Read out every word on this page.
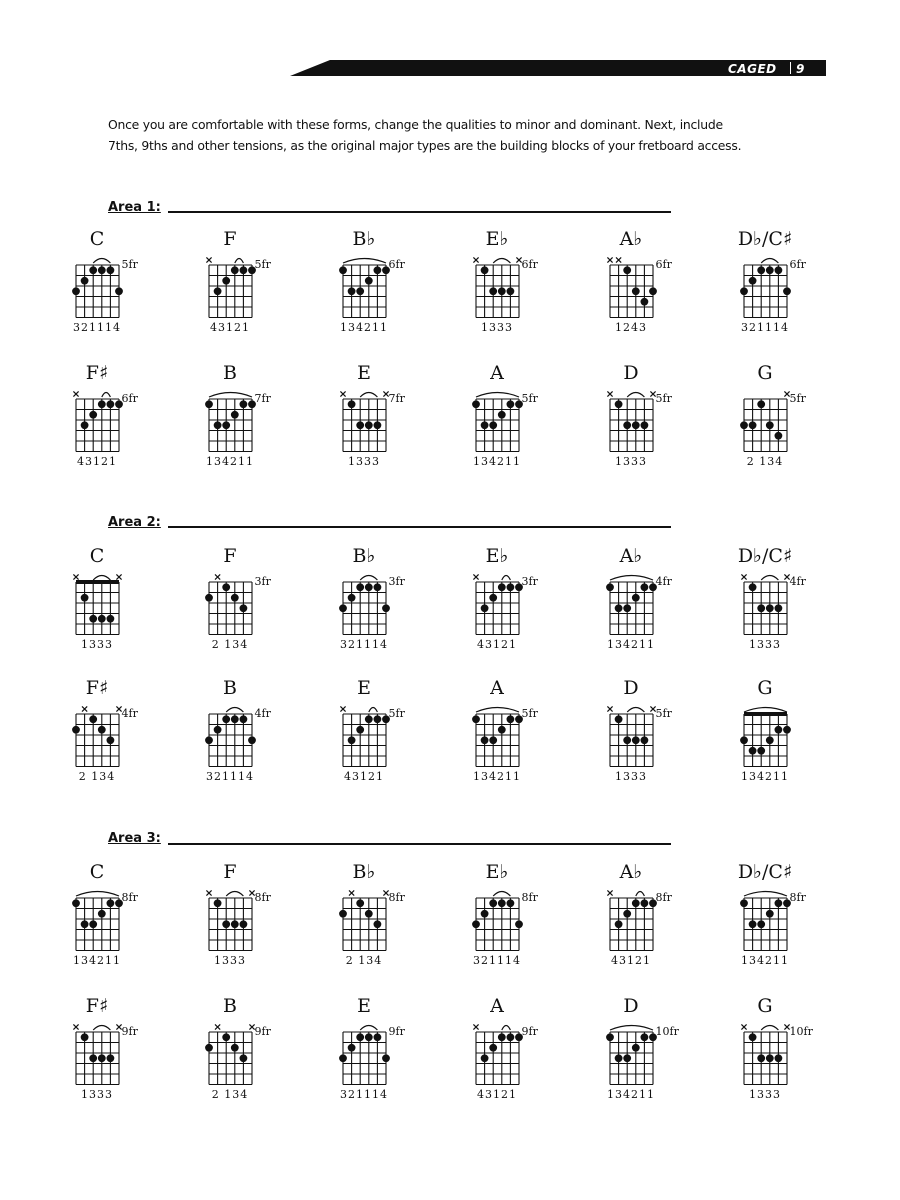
CAGED 9

Once you are comfortable with these forms, change the qualities to minor and dominant. Next, include 7ths, 9ths and other tensions, as the original major types are the building blocks of your fretboard access.

Area 1:
Area 2:
Area 3:
C
5fr
321114
F
5fr
43121
B♭
6fr
134211
E♭
6fr
1333
A♭
6fr
1243
D♭/C♯
6fr
321114
F♯
6fr
43121
B
7fr
134211
E
7fr
1333
A
5fr
134211
D
5fr
1333
G
5fr
2 134
C
1333
F
3fr
2 134
B♭
3fr
321114
E♭
3fr
43121
A♭
4fr
134211
D♭/C♯
4fr
1333
F♯
4fr
2 134
B
4fr
321114
E
5fr
43121
A
5fr
134211
D
5fr
1333
G
134211
C
8fr
134211
F
8fr
1333
B♭
8fr
2 134
E♭
8fr
321114
A♭
8fr
43121
D♭/C♯
8fr
134211
F♯
9fr
1333
B
9fr
2 134
E
9fr
321114
A
9fr
43121
D
10fr
134211
G
10fr
1333
